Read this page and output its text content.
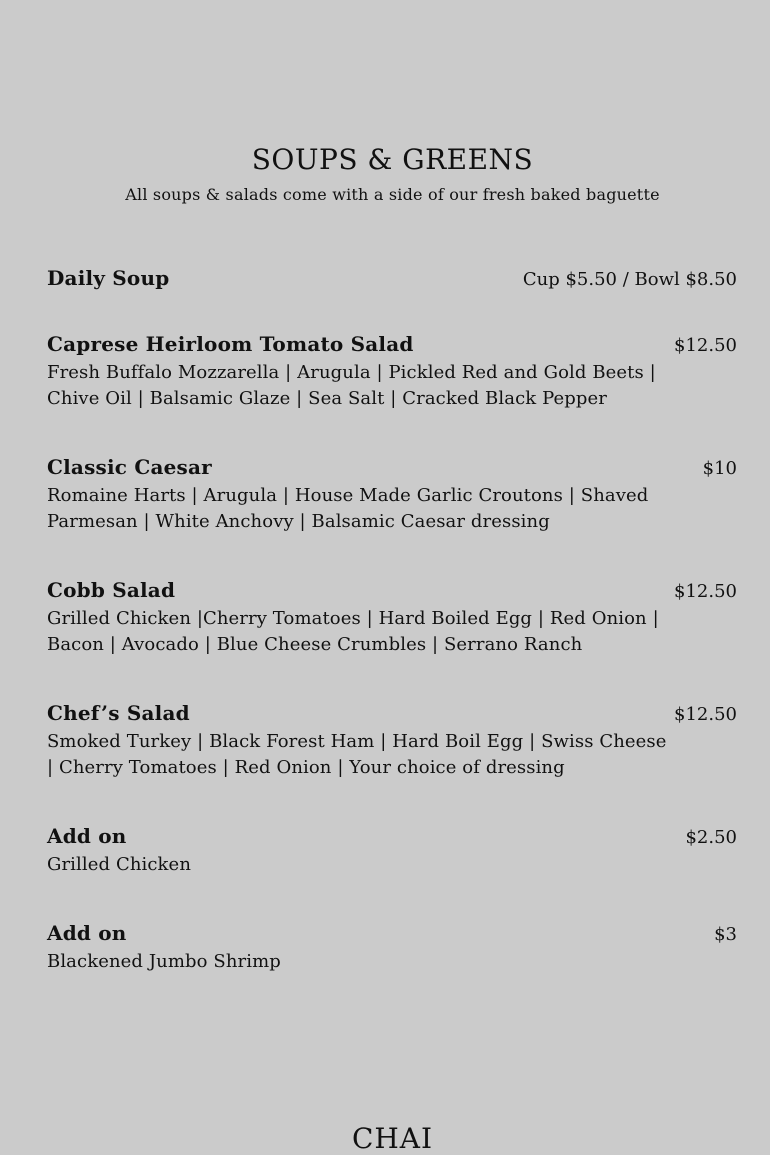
SOUPS & GREENS

All soups & salads come with a side of our fresh baked baguette

Daily Soup	Cup $5.50 / Bowl $8.50
Caprese Heirloom Tomato Salad	$12.50
Fresh Buffalo Mozzarella | Arugula | Pickled Red and Gold Beets | Chive Oil | Balsamic Glaze | Sea Salt | Cracked Black Pepper
Classic Caesar	$10
Romaine Harts | Arugula | House Made Garlic Croutons | Shaved Parmesan | White Anchovy | Balsamic Caesar dressing
Cobb Salad	$12.50
Grilled Chicken |Cherry Tomatoes | Hard Boiled Egg | Red Onion | Bacon | Avocado | Blue Cheese Crumbles | Serrano Ranch
Chef’s Salad	$12.50
Smoked Turkey | Black Forest Ham | Hard Boil Egg | Swiss Cheese | Cherry Tomatoes | Red Onion | Your choice of dressing
Add on	$2.50
Grilled Chicken
Add on	$3
Blackened Jumbo Shrimp
CHAI
